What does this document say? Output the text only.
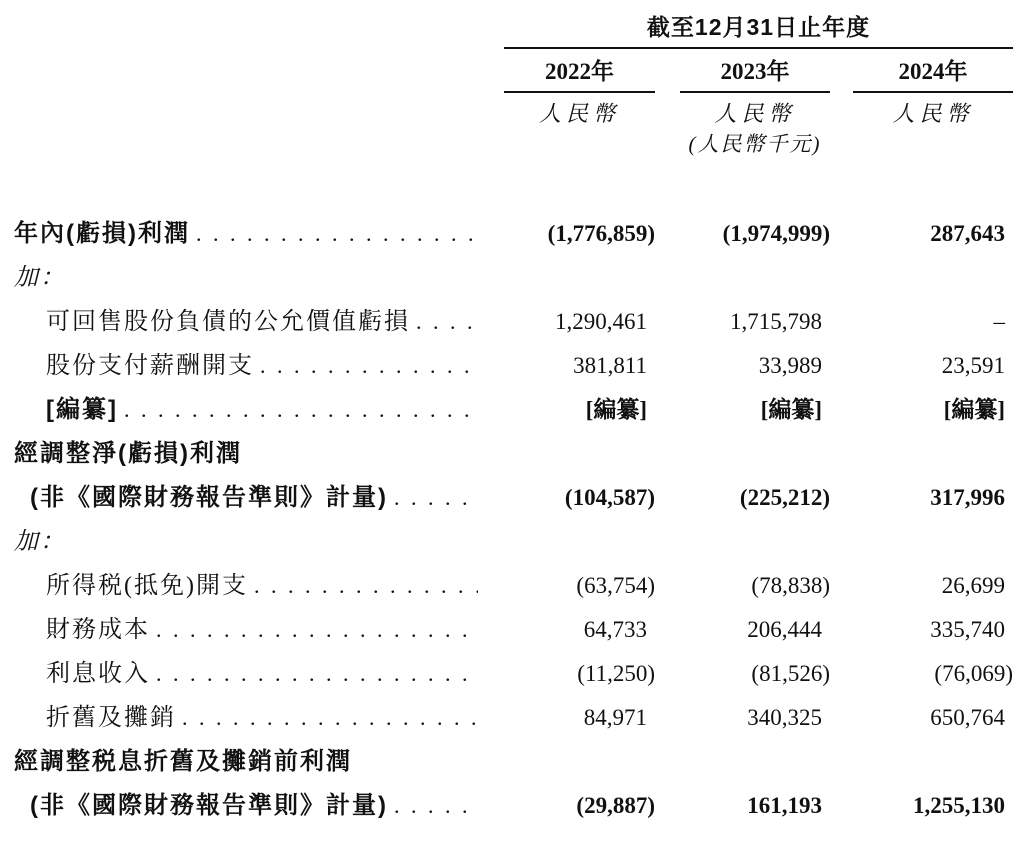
截至12月31日止年度
2022年	2023年	2024年
人民幣	人民幣	人民幣
(人民幣千元)
年內(虧損)利潤 . . .	(1,776,859)	(1,974,999)	287,643
加：
可回售股份負債的公允價值虧損 . . .	1,290,461	1,715,798	–
股份支付薪酬開支 . . .	381,811	33,989	23,591
[編纂] . . .	[編纂]	[編纂]	[編纂]
經調整淨(虧損)利潤
(非《國際財務報告準則》計量) . . .	(104,587)	(225,212)	317,996
加：
所得税(抵免)開支 . . .	(63,754)	(78,838)	26,699
財務成本 . . .	64,733	206,444	335,740
利息收入 . . .	(11,250)	(81,526)	(76,069)
折舊及攤銷 . . .	84,971	340,325	650,764
經調整税息折舊及攤銷前利潤
(非《國際財務報告準則》計量) . . .	(29,887)	161,193	1,255,130
